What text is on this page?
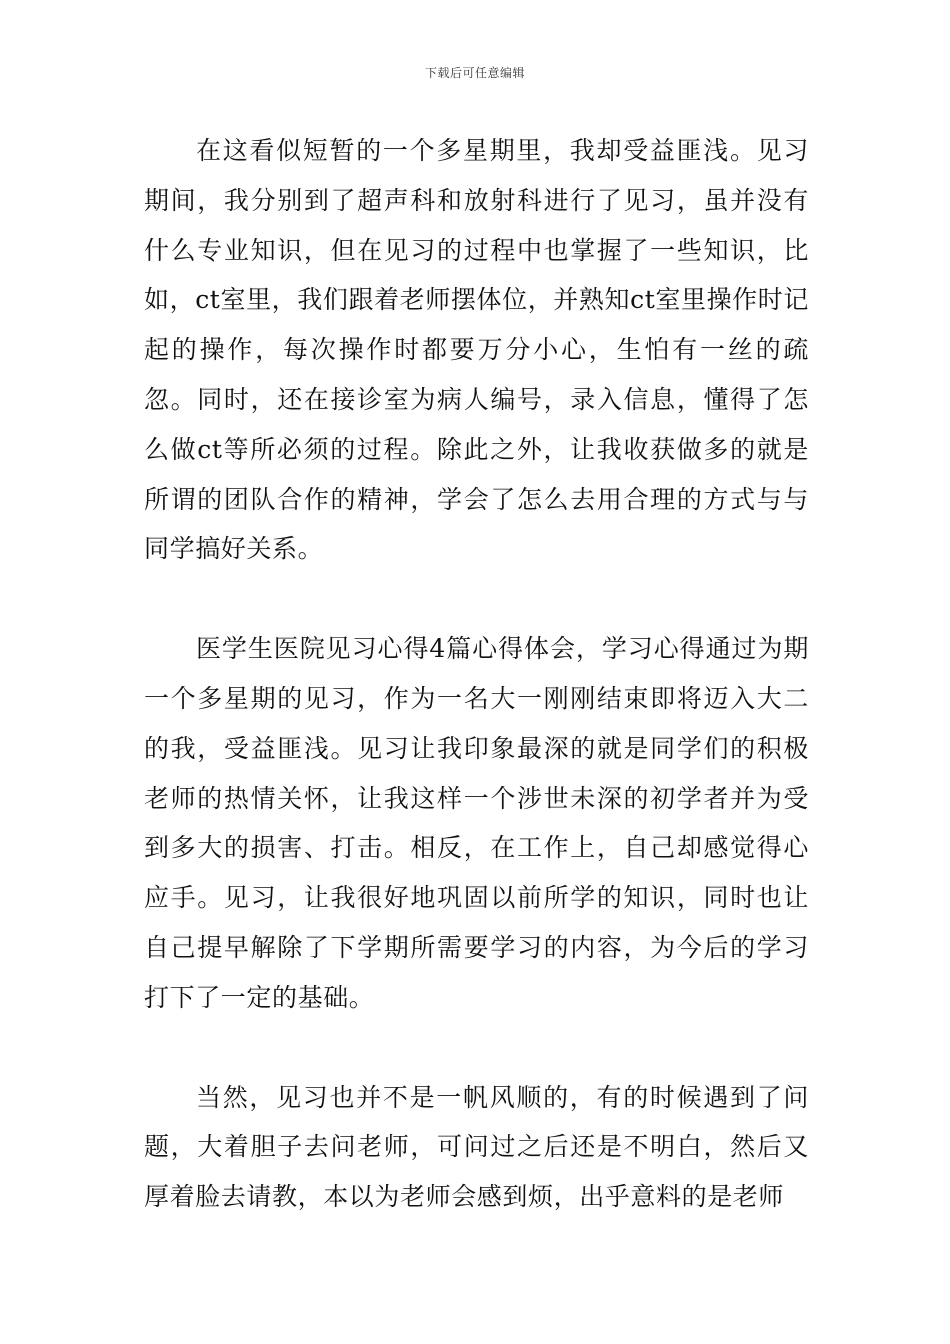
下载后可任意编辑

在这看似短暂的一个多星期里，我却受益匪浅。见习期间，我分别到了超声科和放射科进行了见习，虽并没有什么专业知识，但在见习的过程中也掌握了一些知识，比如，ct室里，我们跟着老师摆体位，并熟知ct室里操作时记起的操作，每次操作时都要万分小心，生怕有一丝的疏忽。同时，还在接诊室为病人编号，录入信息，懂得了怎么做ct等所必须的过程。除此之外，让我收获做多的就是所谓的团队合作的精神，学会了怎么去用合理的方式与与同学搞好关系。

医学生医院见习心得4篇心得体会，学习心得通过为期一个多星期的见习，作为一名大一刚刚结束即将迈入大二的我，受益匪浅。见习让我印象最深的就是同学们的积极老师的热情关怀，让我这样一个涉世未深的初学者并为受到多大的损害、打击。相反，在工作上，自己却感觉得心应手。见习，让我很好地巩固以前所学的知识，同时也让自己提早解除了下学期所需要学习的内容，为今后的学习打下了一定的基础。

当然，见习也并不是一帆风顺的，有的时候遇到了问题，大着胆子去问老师，可问过之后还是不明白，然后又厚着脸去请教，本以为老师会感到烦，出乎意料的是老师
